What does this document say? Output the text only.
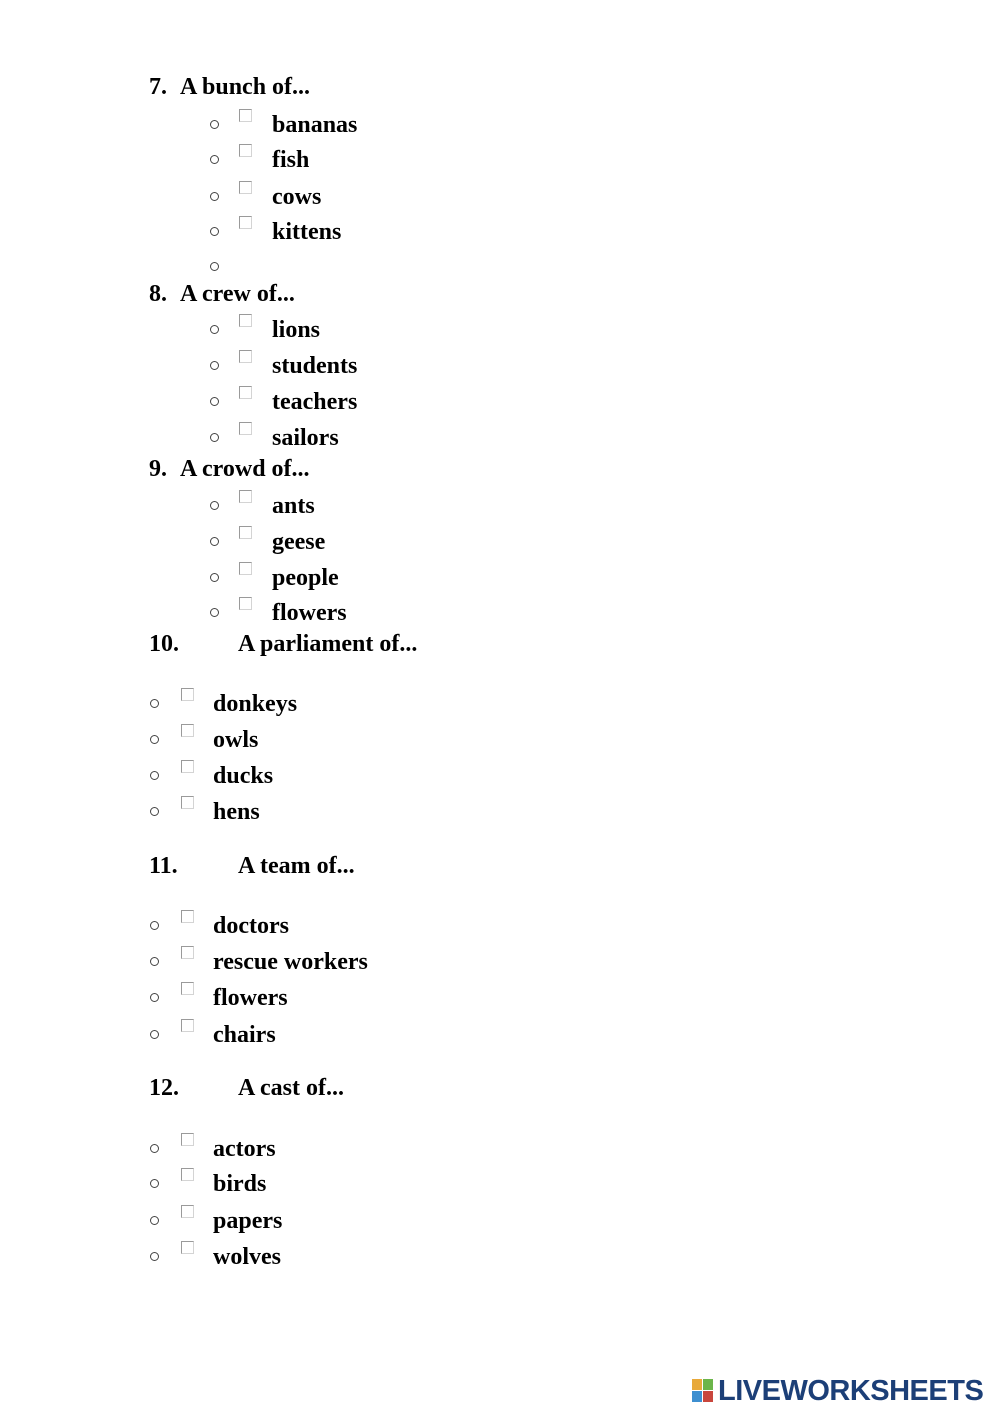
7. A bunch of...
bananas
fish
cows
kittens
8. A crew of...
lions
students
teachers
sailors
9. A crowd of...
ants
geese
people
flowers
10. A parliament of...
donkeys
owls
ducks
hens
11.	A team of...
doctors
rescue workers
flowers
chairs
12. A cast of...
actors
birds
papers
wolves
LIVEWORKSHEETS
